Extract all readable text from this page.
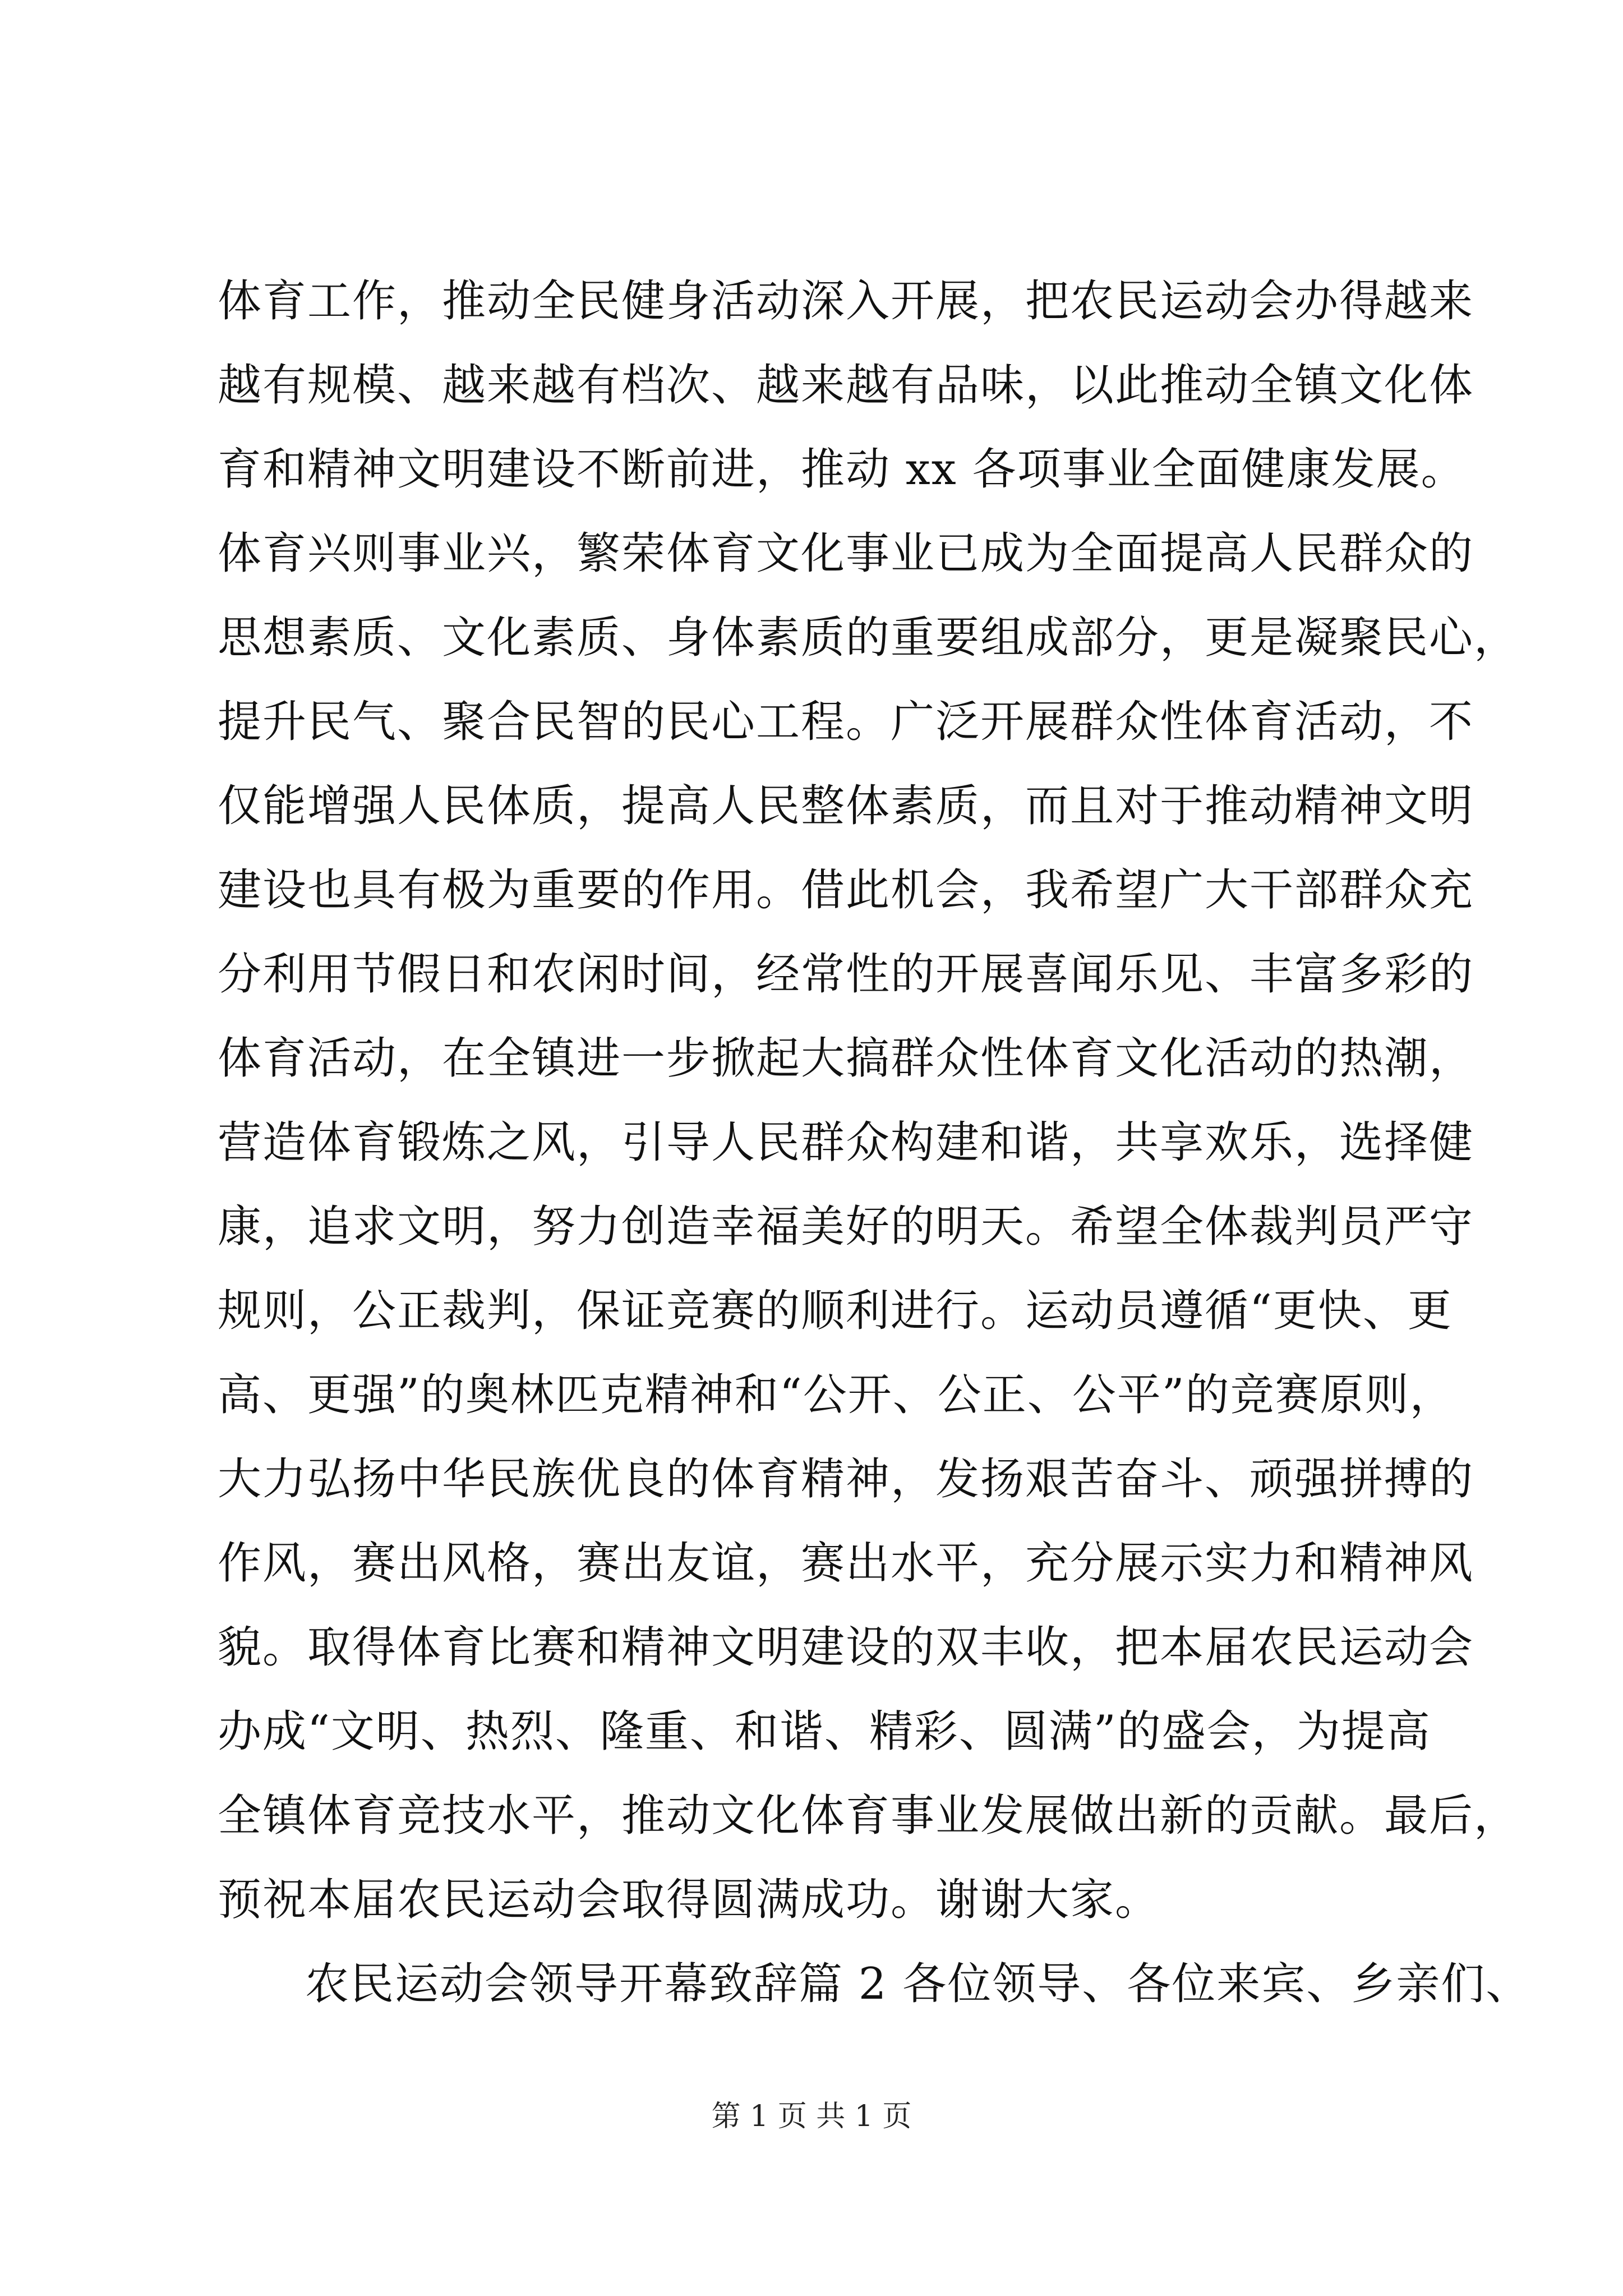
体育工作，推动全民健身活动深入开展，把农民运动会办得越来
越有规模、越来越有档次、越来越有品味，以此推动全镇文化体
育和精神文明建设不断前进，推动 xx 各项事业全面健康发展。
体育兴则事业兴，繁荣体育文化事业已成为全面提高人民群众的
思想素质、文化素质、身体素质的重要组成部分，更是凝聚民心，
提升民气、聚合民智的民心工程。广泛开展群众性体育活动，不
仅能增强人民体质，提高人民整体素质，而且对于推动精神文明
建设也具有极为重要的作用。借此机会，我希望广大干部群众充
分利用节假日和农闲时间，经常性的开展喜闻乐见、丰富多彩的
体育活动，在全镇进一步掀起大搞群众性体育文化活动的热潮，
营造体育锻炼之风，引导人民群众构建和谐，共享欢乐，选择健
康，追求文明，努力创造幸福美好的明天。希望全体裁判员严守
规则，公正裁判，保证竞赛的顺利进行。运动员遵循“更快、更
高、更强”的奥林匹克精神和“公开、公正、公平”的竞赛原则，
大力弘扬中华民族优良的体育精神，发扬艰苦奋斗、顽强拼搏的
作风，赛出风格，赛出友谊，赛出水平，充分展示实力和精神风
貌。取得体育比赛和精神文明建设的双丰收，把本届农民运动会
办成“文明、热烈、隆重、和谐、精彩、圆满”的盛会，为提高
全镇体育竞技水平，推动文化体育事业发展做出新的贡献。最后，
预祝本届农民运动会取得圆满成功。谢谢大家。
农民运动会领导开幕致辞篇 2 各位领导、各位来宾、乡亲们、
第 1 页 共 1 页
